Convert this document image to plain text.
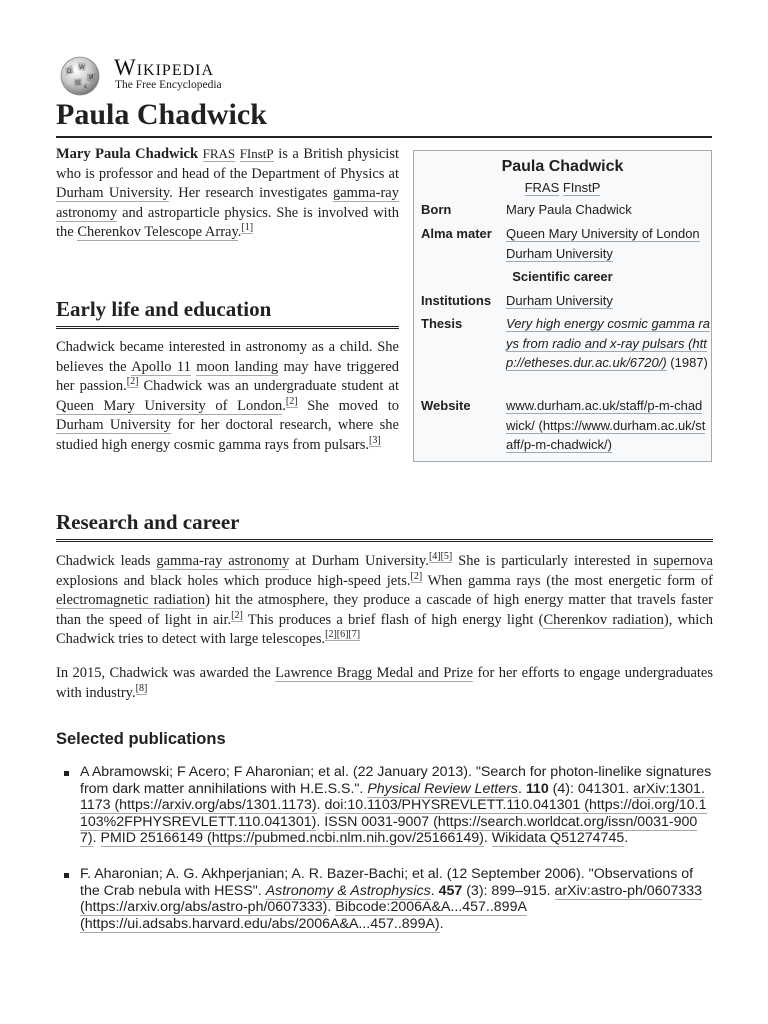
Ω
W
И
維 ε
Wikipedia
The Free Encyclopedia
Paula Chadwick

Mary Paula Chadwick FRAS FInstP is a British physicist who is professor and head of the Department of Physics at Durham University. Her research investigates gamma-ray astronomy and astroparticle physics. She is involved with the Cherenkov Telescope Array.[1]

Early life and education

Chadwick became interested in astronomy as a child. She believes the Apollo 11 moon landing may have triggered her passion.[2] Chadwick was an undergraduate student at Queen Mary University of London.[2] She moved to Durham University for her doctoral research, where she studied high energy cosmic gamma rays from pulsars.[3]

Paula Chadwick
FRAS FInstP
Born	Mary Paula Chadwick
Alma mater	Queen Mary University of London
Durham University
Scientific career
Institutions	Durham University
Thesis	Very high energy cosmic gamma rays from radio and x-ray pulsars (http://etheses.dur.ac.uk/6720/) (1987)
Website	www.durham.ac.uk/staff/p-m-chadwick/ (https://www.durham.ac.uk/staff/p-m-chadwick/)
Research and career

Chadwick leads gamma-ray astronomy at Durham University.[4][5] She is particularly interested in supernova explosions and black holes which produce high-speed jets.[2] When gamma rays (the most energetic form of electromagnetic radiation) hit the atmosphere, they produce a cascade of high energy matter that travels faster than the speed of light in air.[2] This produces a brief flash of high energy light (Cherenkov radiation), which Chadwick tries to detect with large telescopes.[2][6][7]

In 2015, Chadwick was awarded the Lawrence Bragg Medal and Prize for her efforts to engage undergraduates with industry.[8]

Selected publications
A Abramowski; F Acero; F Aharonian; et al. (22 January 2013). "Search for photon-linelike signatures from dark matter annihilations with H.E.S.S.". Physical Review Letters. 110 (4): 041301. arXiv:1301.1173 (https://arxiv.org/abs/1301.1173). doi:10.1103/PHYSREVLETT.110.041301 (https://doi.org/10.1103%2FPHYSREVLETT.110.041301). ISSN 0031-9007 (https://search.worldcat.org/issn/0031-9007). PMID 25166149 (https://pubmed.ncbi.nlm.nih.gov/25166149). Wikidata Q51274745.
F. Aharonian; A. G. Akhperjanian; A. R. Bazer-Bachi; et al. (12 September 2006). "Observations of the Crab nebula with HESS". Astronomy & Astrophysics. 457 (3): 899–915. arXiv:astro-ph/0607333 (https://arxiv.org/abs/astro-ph/0607333). Bibcode:2006A&A...457..899A (https://ui.adsabs.harvard.edu/abs/2006A&A...457..899A).
